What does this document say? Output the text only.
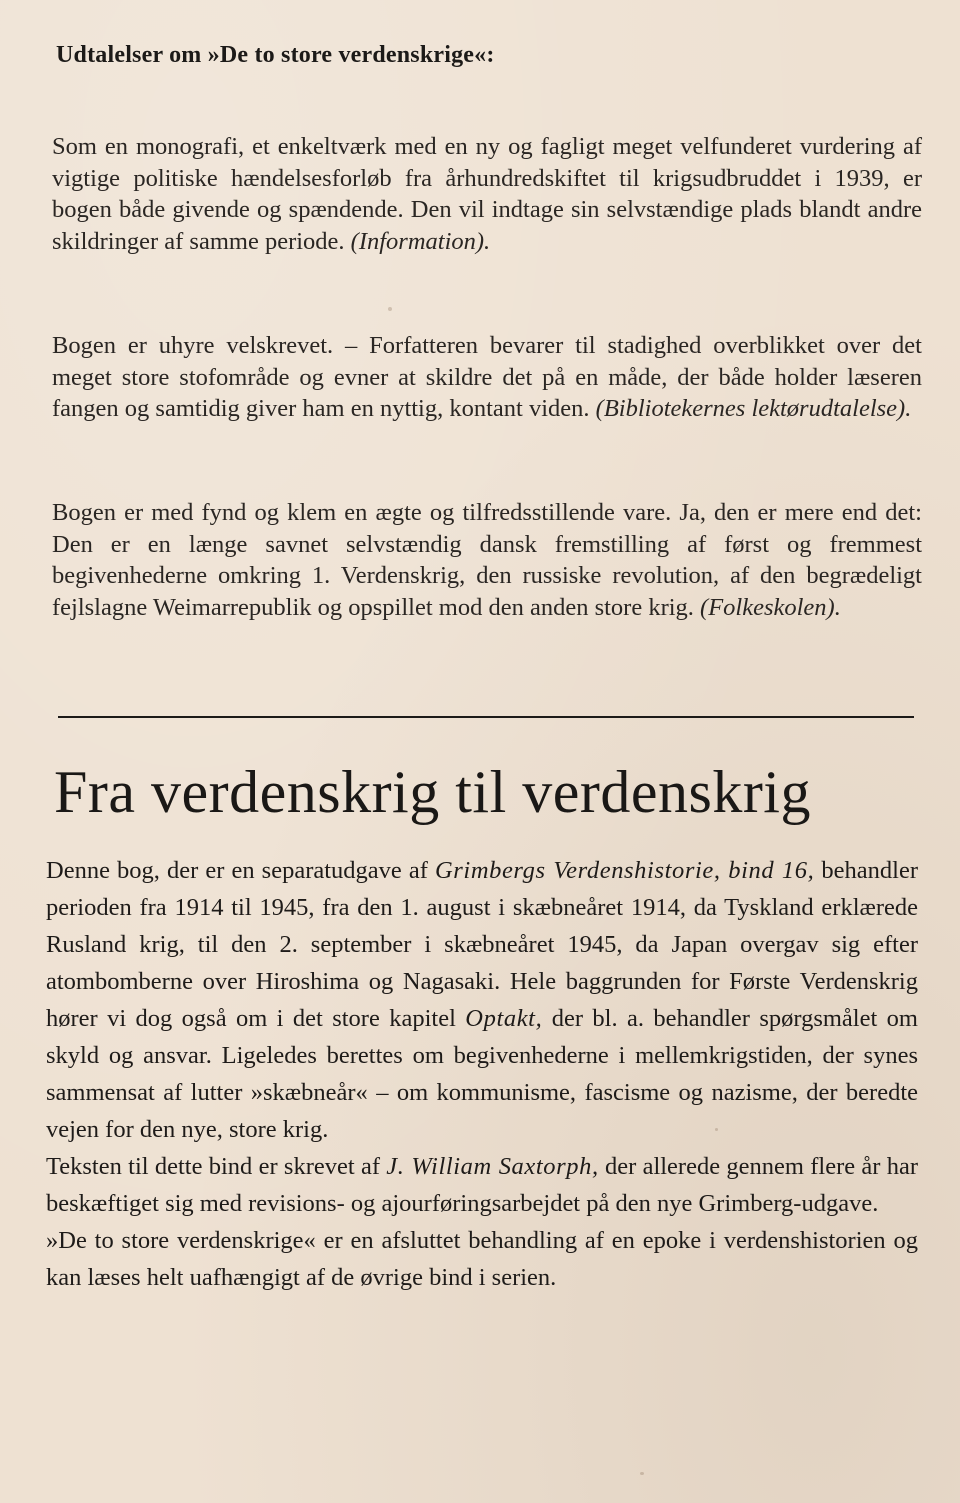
Udtalelser om »De to store verdenskrige«:
Som en monografi, et enkeltværk med en ny og fagligt meget velfunderet vurdering af vigtige politiske hændelsesforløb fra århundredskiftet til krigsudbruddet i 1939, er bogen både givende og spændende. Den vil indtage sin selvstændige plads blandt andre skildringer af samme periode. (Information).
Bogen er uhyre velskrevet. – Forfatteren bevarer til stadighed overblikket over det meget store stofområde og evner at skildre det på en måde, der både holder læseren fangen og samtidig giver ham en nyttig, kontant viden. (Bibliotekernes lektørudtalelse).
Bogen er med fynd og klem en ægte og tilfredsstillende vare. Ja, den er mere end det: Den er en længe savnet selvstændig dansk fremstilling af først og fremmest begivenhederne omkring 1. Verdenskrig, den russiske revolution, af den begrædeligt fejlslagne Weimarrepublik og opspillet mod den anden store krig. (Folkeskolen).
Fra verdenskrig til verdenskrig

Denne bog, der er en separatudgave af Grimbergs Verdenshistorie, bind 16, behandler perioden fra 1914 til 1945, fra den 1. august i skæbneåret 1914, da Tyskland erklærede Rusland krig, til den 2. september i skæbneåret 1945, da Japan overgav sig efter atombomberne over Hiroshima og Nagasaki. Hele baggrunden for Første Verdenskrig hører vi dog også om i det store kapitel Optakt, der bl. a. behandler spørgsmålet om skyld og ansvar. Ligeledes berettes om begivenhederne i mellemkrigstiden, der synes sammensat af lutter »skæbneår« – om kommunisme, fascisme og nazisme, der beredte vejen for den nye, store krig.

Teksten til dette bind er skrevet af J. William Saxtorph, der allerede gennem flere år har beskæftiget sig med revisions- og ajourføringsarbejdet på den nye Grimberg-udgave.

»De to store verdenskrige« er en afsluttet behandling af en epoke i verdenshistorien og kan læses helt uafhængigt af de øvrige bind i serien.
